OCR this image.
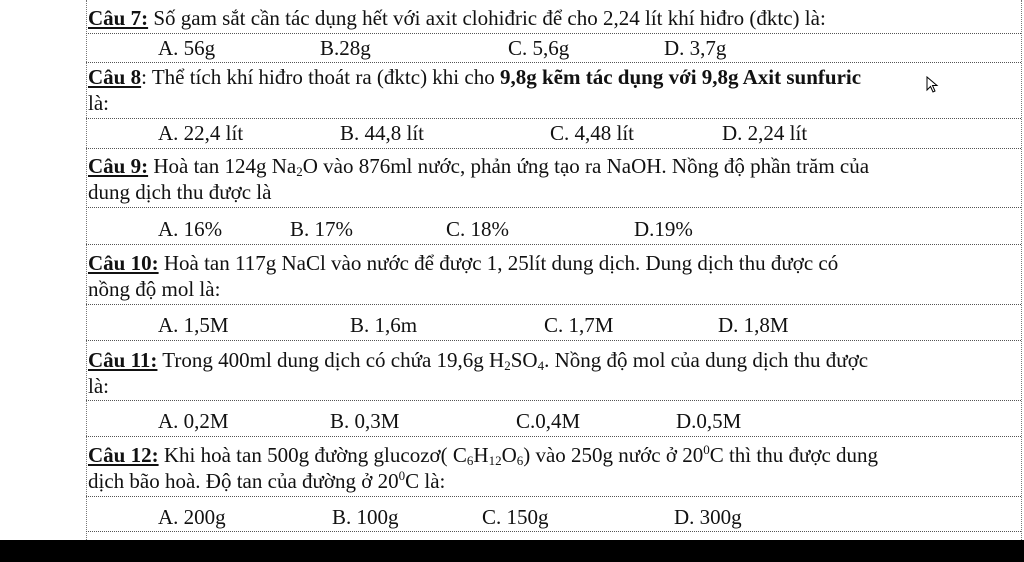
Câu 7: Số gam sắt cần tác dụng hết với axit clohiđric để cho 2,24 lít khí hiđro (đktc) là:
A. 56g	B.28g	C. 5,6g	D. 3,7g
Câu 8: Thể tích khí hiđro thoát ra (đktc) khi cho 9,8g kẽm tác dụng với 9,8g Axit sunfuric
là:
A. 22,4 lít	B. 44,8 lít	C. 4,48 lít	D. 2,24 lít
Câu 9: Hoà tan 124g $Na_2O$ vào 876ml nước, phản ứng tạo ra NaOH. Nồng độ phần trăm của
dung dịch thu được là
A. 16%	B. 17%	C. 18%	D.19%
Câu 10: Hoà tan 117g NaCl vào nước để được 1, 25lít dung dịch. Dung dịch thu được có
nồng độ mol là:
A. 1,5M	B. 1,6m	C. 1,7M	D. 1,8M
Câu 11: Trong 400ml dung dịch có chứa 19,6g $H_2SO_4$. Nồng độ mol của dung dịch thu được
là:
A. 0,2M	B. 0,3M	C.0,4M	D.0,5M
Câu 12: Khi hoà tan 500g đường glucozơ( $C_6H_{12}O_6$) vào 250g nước ở $20^0C$ thì thu được dung
dịch bão hoà. Độ tan của đường ở $20^0C$ là:
A. 200g	B. 100g	C. 150g	D. 300g
